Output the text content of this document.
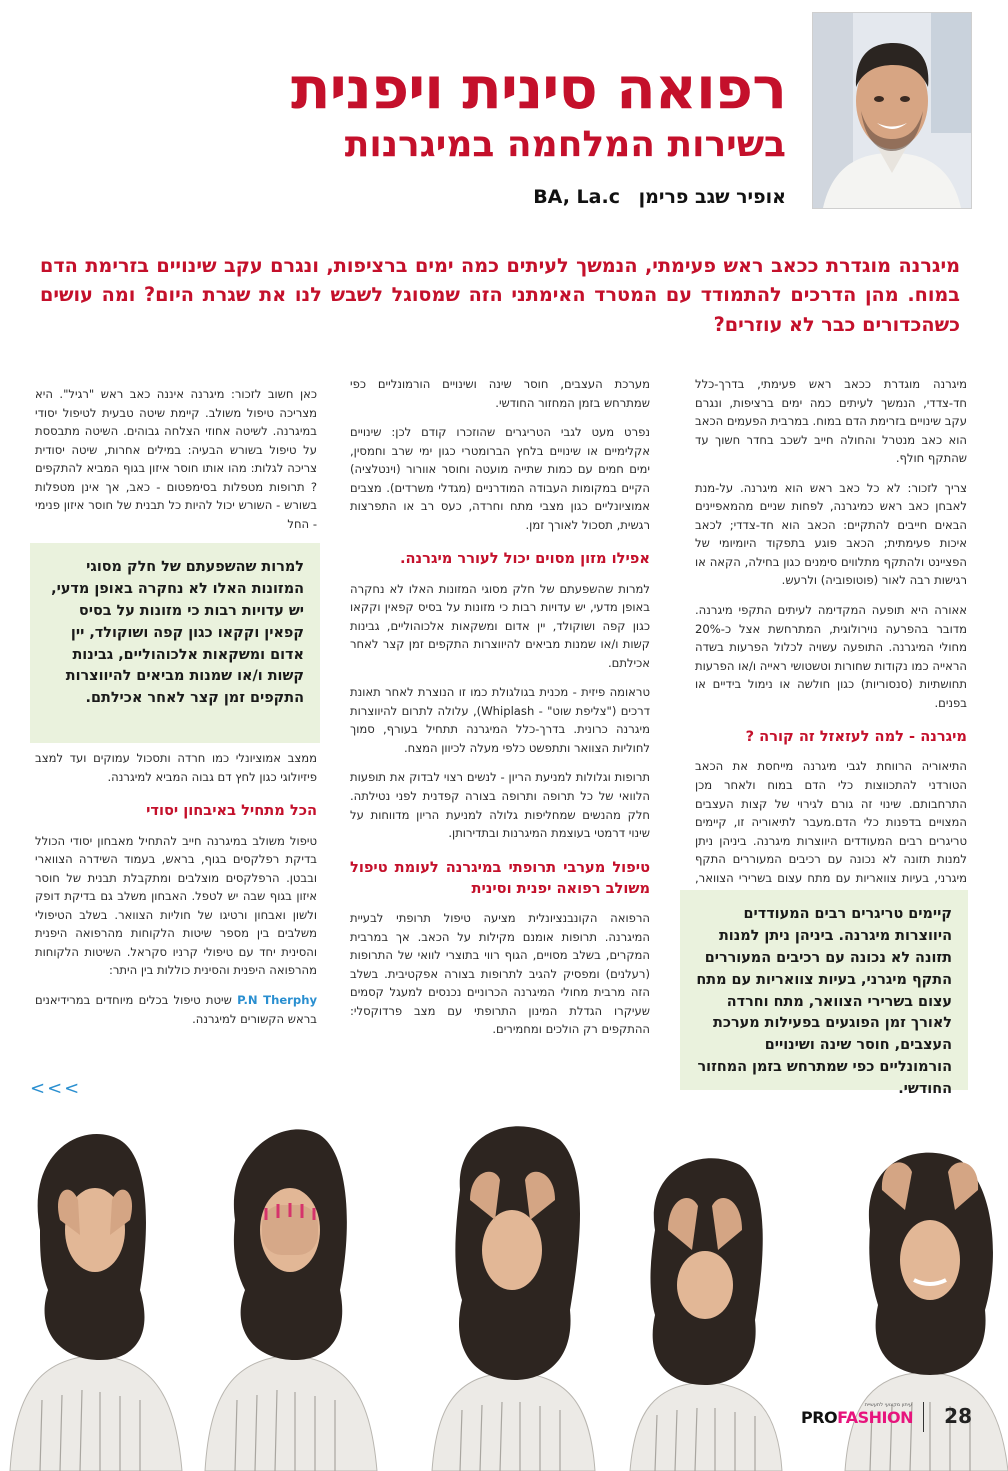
רפואה סינית ויפנית
בשירות המלחמה במיגרנות
אופיר שגב פרימן BA, La.c
מיגרנה מוגדרת ככאב ראש פעימתי, הנמשך לעיתים כמה ימים ברציפות, ונגרם עקב שינויים בזרימת הדם במוח. מהן הדרכים להתמודד עם המטרד האימתני הזה שמסוגל לשבש לנו את שגרת היום? ומה עושים כשהכדורים כבר לא עוזרים?

מיגרנה מוגדרת ככאב ראש פעימתי, בדרך-כלל חד-צדדי, הנמשך לעיתים כמה ימים ברציפות, ונגרם עקב שינויים בזרימת הדם במוח. במרבית הפעמים הכאב הוא כאב מנטרל והחולה חייב לשכב בחדר חשוך עד שהתקף חולף.

צריך לזכור: לא כל כאב ראש הוא מיגרנה. על-מנת לאבחן כאב ראש כמיגרנה, לפחות שניים מהמאפיינים הבאים חייבים להתקיים: הכאב הוא חד-צדדי; לכאב איכות פעימתית; הכאב פוגע בתפקוד היומיומי של הפציינט ולהתקף מתלווים סימנים כגון בחילה, הקאה או רגישות רבה לאור (פוטופוביה) ולרעש.

אאורה היא תופעה המקדימה לעיתים התקפי מיגרנה. מדובר בהפרעה נוירולוגית, המתרחשת אצל כ-20% מחולי המיגרנה. התופעה עשויה לכלול הפרעות בשדה הראייה כמו נקודות שחורות וטשטושי ראייה ו/או הפרעות תחושתיות (סנסוריות) כגון חולשה או נימול בידיים או בפנים.

מיגרנה - למה לעזאזל זה קורה ?

התיאוריה הרווחת לגבי מיגרנה מייחסת את הכאב הטורדני להתכווצות כלי הדם במוח ולאחר מכן התרחבותם. שינוי זה גורם לגירוי של קצות העצבים המצויים בדפנות כלי הדם.מעבר לתיאוריה זו, קיימים טריגרים רבים המעודדים היווצרות מיגרנה. ביניהן ניתן למנות תזונה לא נכונה עם רכיבים המעוררים התקף מיגרני, בעיות צוואריות עם מתח עצום בשרירי הצוואר,

מערכת העצבים, חוסר שינה ושינויים הורמונליים כפי שמתרחש בזמן המחזור החודשי.

נפרט מעט לגבי הטריגרים שהוזכרו קודם לכן: שינויים אקלימיים או שינויים בלחץ הברומטרי כגון ימי שרב וחמסין, ימים חמים עם כמות שתייה מועטה וחוסר אוורור (וינטלציה) הקיים במקומות העבודה המודרניים (מגדלי משרדים). מצבים אמוציונליים כגון מצבי מתח וחרדה, כעס רב או התפרצות רגשית, תסכול לאורך זמן.

אפילו מזון מסוים יכול לעורר מיגרנה.

למרות שהשפעתם של חלק מסוגי המזונות האלו לא נחקרה באופן מדעי, יש עדויות רבות כי מזונות על בסיס קפאין וקקאו כגון קפה ושוקולד, יין אדום ומשקאות אלכוהוליים, גבינות קשות ו/או שמנות מביאים להיווצרות התקפים זמן קצר לאחר אכילתם.

טראומה פיזית - מכנית בגולגולת כמו זו הנוצרת לאחר תאונת דרכים ("צליפת שוט" - Whiplash), עלולה לתרום להיווצרות מיגרנה כרונית. בדרך-כלל המיגרנה תתחיל בעורף, סמוך לחוליות הצוואר ותתפשט כלפי מעלה לכיוון המצח.

תרופות וגלולות למניעת הריון - לנשים רצוי לבדוק את תופעות הלוואי של כל תרופה ותרופה בצורה קפדנית לפני נטילתה. חלק מהנשים שמחליפות גלולה למניעת הריון מדווחות על שינוי דרמטי בעוצמת המיגרנות ובתדירותן.

טיפול מערבי תרופתי במיגרנה לעומת טיפול משולב רפואה יפנית וסינית

הרפואה הקונבנציונלית מציעה טיפול תרופתי לבעיית המיגרנה. תרופות אומנם מקילות על הכאב. אך במרבית המקרים, בשלב מסויים, הגוף רווי בתוצרי לוואי של התרופות (רעלנים) ומפסיק להגיב לתרופות בצורה אפקטיבית. בשלב הזה מרבית מחולי המיגרנה הכרוניים נכנסים למעגל קסמים שעיקרו הגדלת המינון התרופתי עם מצב פרדוקסלי: ההתקפים רק הולכים ומחמירים.

כאן חשוב לזכור: מיגרנה איננה כאב ראש "רגיל". היא מצריכה טיפול משולב. קיימת שיטה טבעית לטיפול יסודי במיגרנה. לשיטה אחוזי הצלחה גבוהים. השיטה מתבססת על טיפול בשורש הבעיה: במילים אחרות, שיטה יסודית צריכה לגלות: מהו אותו חוסר איזון בגוף המביא להתקפים ? תרופות מטפלות בסימפטום - כאב, אך אינן מטפלות בשורש - השורש יכול להיות כל תבנית של חוסר איזון פנימי - החל

ממצב אמוציונלי כמו חרדה ותסכול עמוקים ועד למצב פיזיולוגי כגון לחץ דם גבוה המביא למיגרנה.

הכל מתחיל באיבחון יסודי

טיפול משולב במיגרנה חייב להתחיל מאבחון יסודי הכולל בדיקת רפלקסים בגוף, בראש, בעמוד השידרה הצווארי ובבטן. הרפלקסים מוצלבים ומתקבלת תבנית של חוסר איזון בגוף שבה יש לטפל. האבחון משלב גם בדיקת דופק ולשון ואבחון ורטיגו של חוליות הצוואר. בשלב הטיפולי משלבים בין מספר שיטות הלקוחות מהרפואה היפנית והסינית יחד עם טיפולי קרניו סקראל. השיטות הלקוחות מהרפואה היפנית והסינית כוללות בין היתר:

P.N Therphy שיטת טיפול בכלים מיוחדים במרידיאנים בראש הקשורים למיגרנה.

קיימים טריגרים רבים המעודדים היווצרות מיגרנה. ביניהן ניתן למנות תזונה לא נכונה עם רכיבים המעוררים התקף מיגרני, בעיות צוואריות עם מתח עצום בשרירי הצוואר, מתח וחרדה לאורך זמן הפוגעים בפעילות מערכת העצבים, חוסר שינה ושינויים הורמונליים כפי שמתרחש בזמן המחזור החודשי.
למרות שהשפעתם של חלק מסוגי המזונות האלו לא נחקרה באופן מדעי, יש עדויות רבות כי מזונות על בסיס קפאין וקקאו כגון קפה ושוקולד, יין אדום ומשקאות אלכוהוליים, גבינות קשות ו/או שמנות מביאים להיווצרות התקפים זמן קצר לאחר אכילתם.
<<<
עיתון מקצועי לתעשיית
PROFASHION 28
